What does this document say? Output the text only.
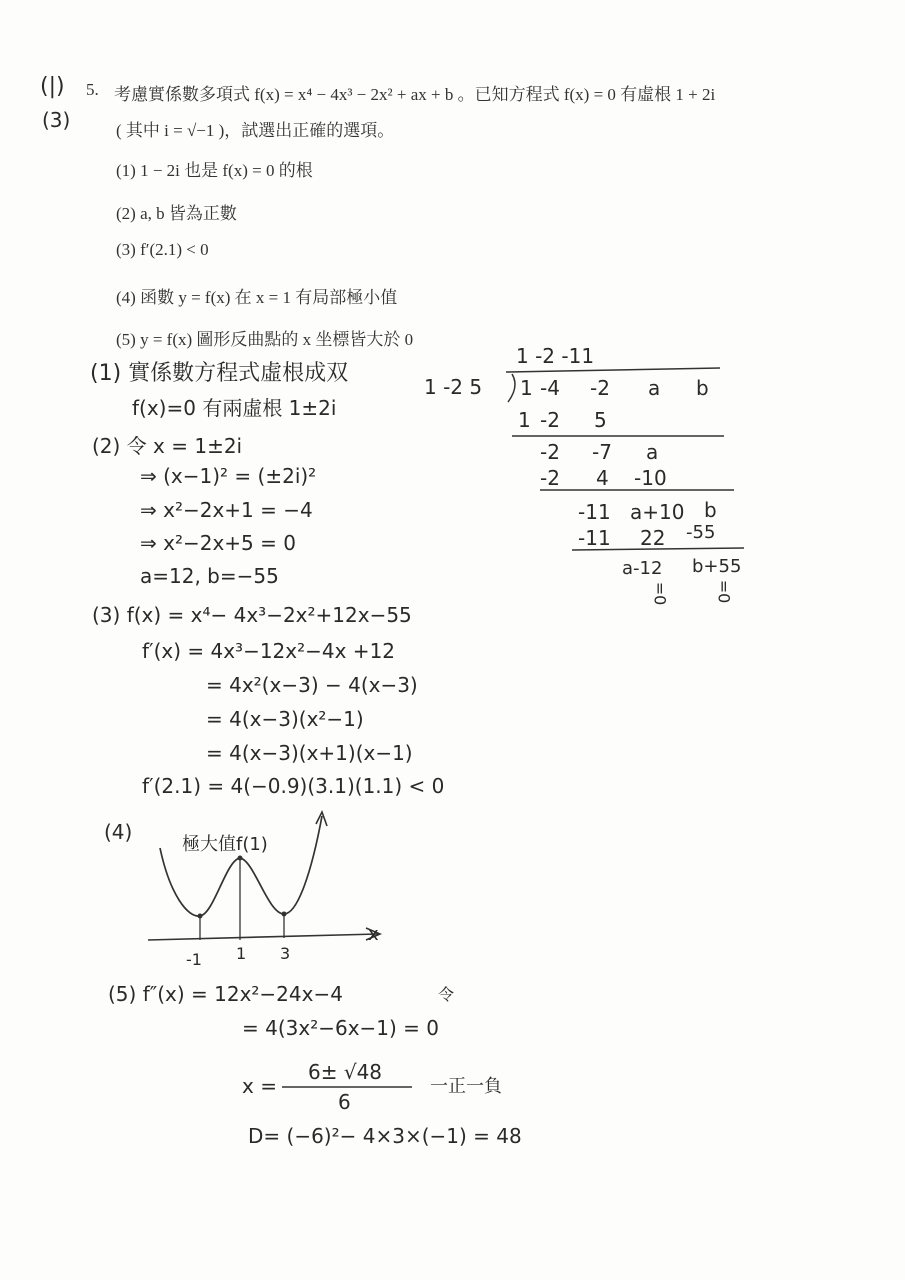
(|)
(3)
5. 考慮實係數多項式 f(x) = x⁴ − 4x³ − 2x² + ax + b 。已知方程式 f(x) = 0 有虛根 1 + 2i
( 其中 i = √−1 )，試選出正確的選項。
(1) 1 − 2i 也是 f(x) = 0 的根
(2) a, b 皆為正數
(3) f′(2.1) < 0
(4) 函數 y = f(x) 在 x = 1 有局部極小值
(5) y = f(x) 圖形反曲點的 x 坐標皆大於 0
(1) 實係數方程式虛根成双
f(x)=0 有兩虛根 1±2i
(2) 令 x = 1±2i
⇒ (x−1)² = (±2i)²
⇒ x²−2x+1 = −4
⇒ x²−2x+5 = 0
a=12, b=−55
(3) f(x) = x⁴− 4x³−2x²+12x−55
f′(x) = 4x³−12x²−4x +12
= 4x²(x−3) − 4(x−3)
= 4(x−3)(x²−1)
= 4(x−3)(x+1)(x−1)
f′(2.1) = 4(−0.9)(3.1)(1.1) < 0
(4)
極大值f(1)
x
-1 1 3
(5) f″(x) = 12x²−24x−4	令
= 4(3x²−6x−1) = 0
x =
6± √48
6
一正一負
D= (−6)²− 4×3×(−1) = 48
1 -2 -11
1 -2 5 1 -4 -2 a b
1 -2 5
-2 -7 a
-2 4 -10
-11 a+10 b
-11 22 -55
a-12 b+55
=0	=0
